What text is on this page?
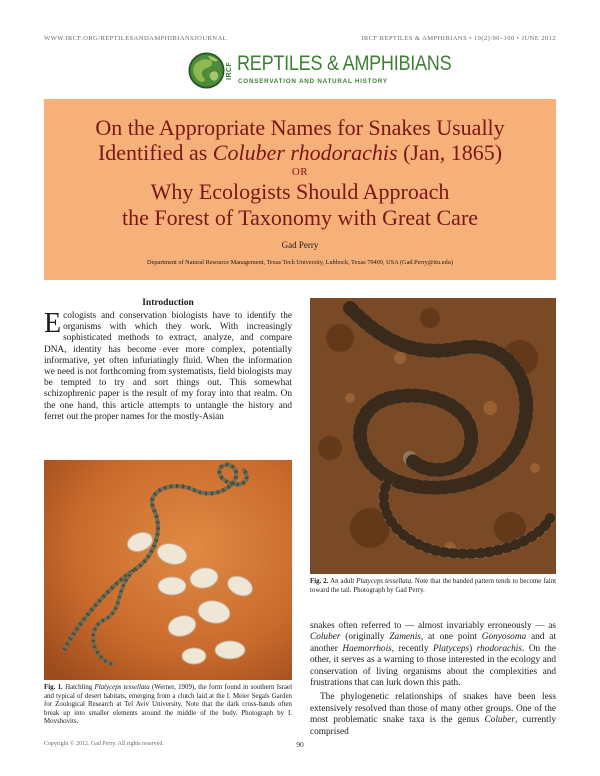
WWW.IRCF.ORG/REPTILESANDAMPHIBIANSJOURNAL	IRCF REPTILES & AMPHIBIANS • 19(2):90–100 • JUNE 2012
IRCF REPTILES & AMPHIBIANS
CONSERVATION AND NATURAL HISTORY
On the Appropriate Names for Snakes Usually
Identified as Coluber rhodorachis (Jan, 1865)
OR
Why Ecologists Should Approach
the Forest of Taxonomy with Great Care
Gad Perry
Department of Natural Resource Management, Texas Tech University, Lubbock, Texas 79409, USA (Gad.Perry@ttu.edu)
Introduction
Ecologists and conservation biologists have to identify the organisms with which they work. With increasingly sophisticated methods to extract, analyze, and compare DNA, identity has become ever more complex, potentially informative, yet often infuriatingly fluid. When the information we need is not forthcoming from systematists, field biologists may be tempted to try and sort things out. This somewhat schizophrenic paper is the result of my foray into that realm. On the one hand, this article attempts to untangle the history and ferret out the proper names for the mostly-Asian
Fig. 1. Hatchling Platyceps tessellata (Werner, 1909), the form found in southern Israel and typical of desert habitats, emerging from a clutch laid at the I. Meier Segals Garden for Zoological Research at Tel Aviv University. Note that the dark cross-bands often break up into smaller elements around the middle of the body. Photograph by I. Movshovits.
Fig. 2. An adult Platyceps tessellata. Note that the banded pattern tends to become faint toward the tail. Photograph by Gad Perry.

snakes often referred to — almost invariably erroneously — as Coluber (originally Zamenis, at one point Gonyosoma and at another Haemorrhois, recently Platyceps) rhodorachis. On the other, it serves as a warning to those interested in the ecology and conservation of living organisms about the complexities and frustrations that can lurk down this path.

The phylogenetic relationships of snakes have been less extensively resolved than those of many other groups. One of the most problematic snake taxa is the genus Coluber, currently comprised

Copyright © 2012. Gad Perry. All rights reserved.	90
